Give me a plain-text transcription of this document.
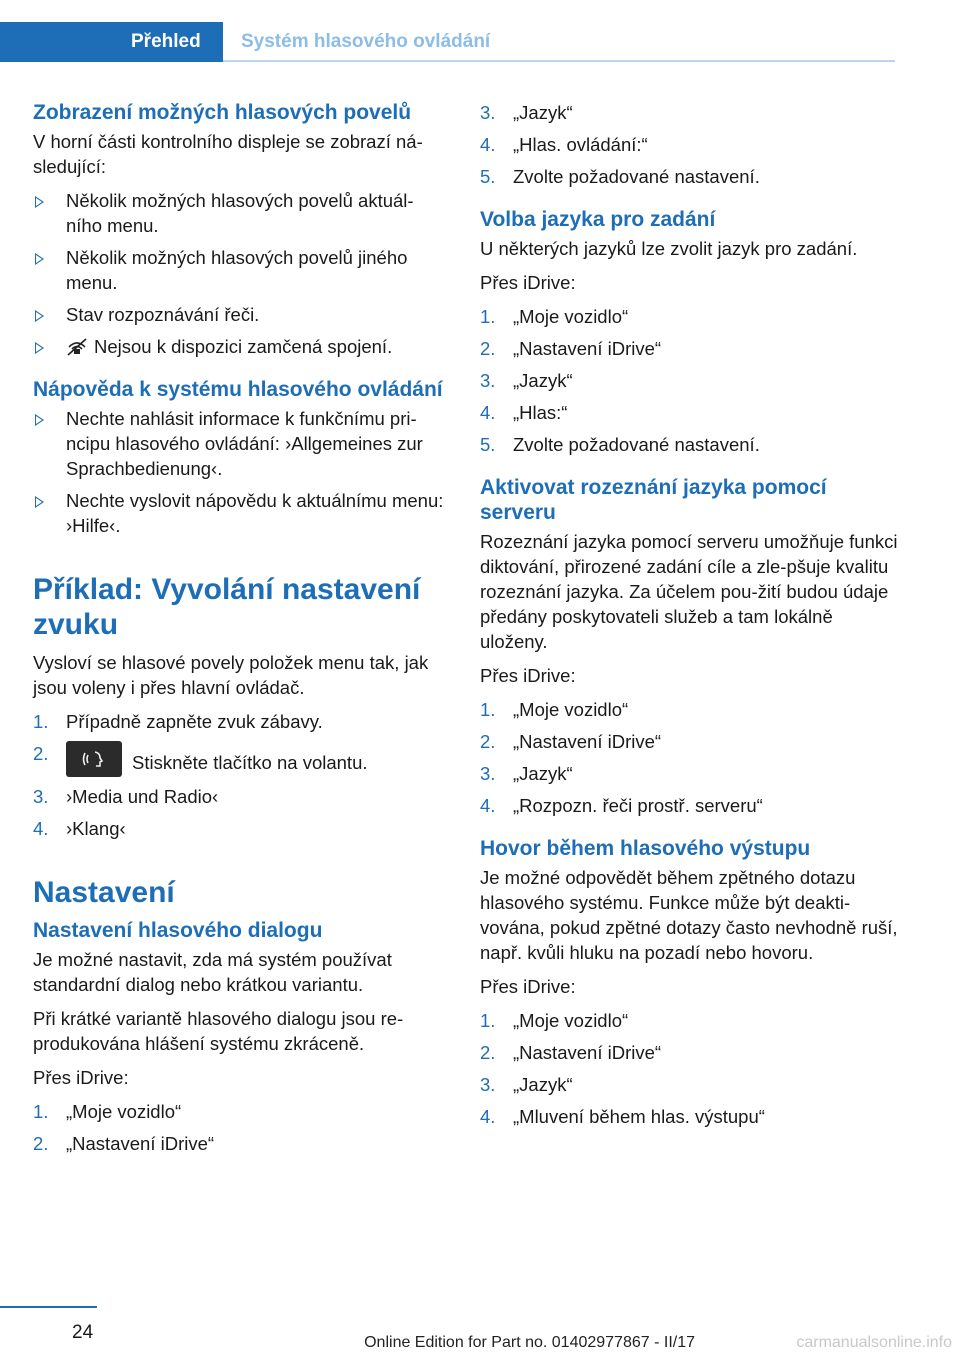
Přehled	Systém hlasového ovládání
Zobrazení možných hlasových povelů

V horní části kontrolního displeje se zobrazí ná-sledující:

Několik možných hlasových povelů aktuál-ního menu.
Několik možných hlasových povelů jiného menu.
Stav rozpoznávání řeči.
Nejsou k dispozici zamčená spojení.
Nápověda k systému hlasového ovládání
Nechte nahlásit informace k funkčnímu pri-ncipu hlasového ovládání: ›Allgemeines zur Sprachbedienung‹.
Nechte vyslovit nápovědu k aktuálnímu menu: ›Hilfe‹.
Příklad: Vyvolání nastavení zvuku

Vysloví se hlasové povely položek menu tak, jak jsou voleny i přes hlavní ovládač.

1. Případně zapněte zvuk zábavy.
2.	Stiskněte tlačítko na volantu.
3. ›Media und Radio‹
4. ›Klang‹
Nastavení
Nastavení hlasového dialogu

Je možné nastavit, zda má systém používat standardní dialog nebo krátkou variantu.

Při krátké variantě hlasového dialogu jsou re-produkována hlášení systému zkráceně.

Přes iDrive:

1. „Moje vozidlo“
2. „Nastavení iDrive“
3. „Jazyk“
4. „Hlas. ovládání:“
5. Zvolte požadované nastavení.
Volba jazyka pro zadání

U některých jazyků lze zvolit jazyk pro zadání.

Přes iDrive:

1. „Moje vozidlo“
2. „Nastavení iDrive“
3. „Jazyk“
4. „Hlas:“
5. Zvolte požadované nastavení.
Aktivovat rozeznání jazyka pomocí serveru

Rozeznání jazyka pomocí serveru umožňuje funkci diktování, přirozené zadání cíle a zle-pšuje kvalitu rozeznání jazyka. Za účelem pou-žití budou údaje předány poskytovateli služeb a tam lokálně uloženy.

Přes iDrive:

1. „Moje vozidlo“
2. „Nastavení iDrive“
3. „Jazyk“
4. „Rozpozn. řeči prostř. serveru“
Hovor během hlasového výstupu

Je možné odpovědět během zpětného dotazu hlasového systému. Funkce může být deakti-vována, pokud zpětné dotazy často nevhodně ruší, např. kvůli hluku na pozadí nebo hovoru.

Přes iDrive:

1. „Moje vozidlo“
2. „Nastavení iDrive“
3. „Jazyk“
4. „Mluvení během hlas. výstupu“
24	Online Edition for Part no. 01402977867 - II/17	carmanualsonline.info
